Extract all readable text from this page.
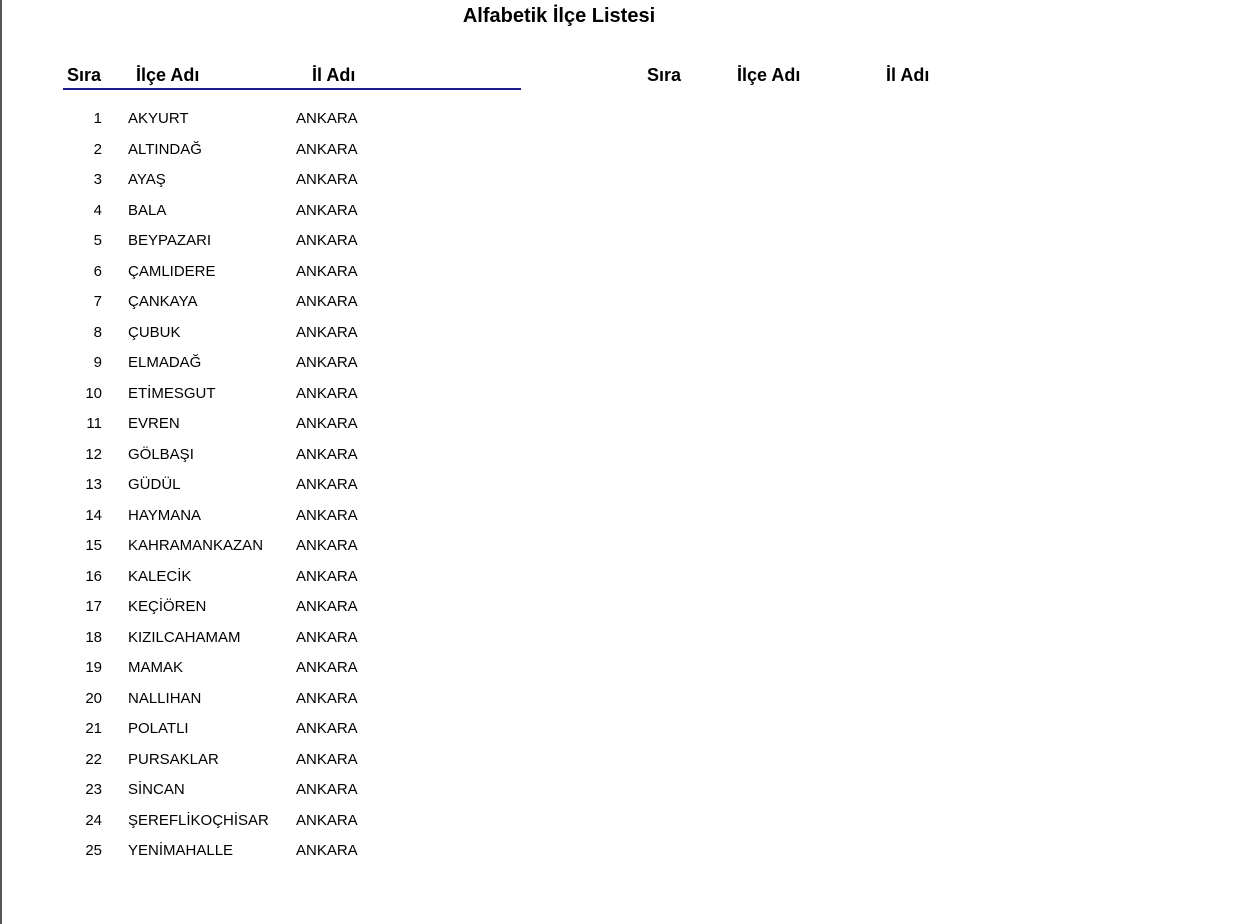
Alfabetik İlçe Listesi
Sıra İlçe Adı	İl Adı	Sıra	İlçe Adı	İl Adı
1 AKYURT	ANKARA
2 ALTINDAĞ	ANKARA
3 AYAŞ	ANKARA
4 BALA	ANKARA
5 BEYPAZARI	ANKARA
6 ÇAMLIDERE	ANKARA
7 ÇANKAYA	ANKARA
8 ÇUBUK	ANKARA
9 ELMADAĞ	ANKARA
10 ETİMESGUT	ANKARA
11 EVREN	ANKARA
12 GÖLBAŞI	ANKARA
13 GÜDÜL	ANKARA
14 HAYMANA	ANKARA
15 KAHRAMANKAZAN ANKARA
16 KALECİK	ANKARA
17 KEÇİÖREN	ANKARA
18 KIZILCAHAMAM	ANKARA
19 MAMAK	ANKARA
20 NALLIHAN	ANKARA
21 POLATLI	ANKARA
22 PURSAKLAR	ANKARA
23 SİNCAN	ANKARA
24 ŞEREFLİKOÇHİSAR ANKARA
25 YENİMAHALLE	ANKARA
